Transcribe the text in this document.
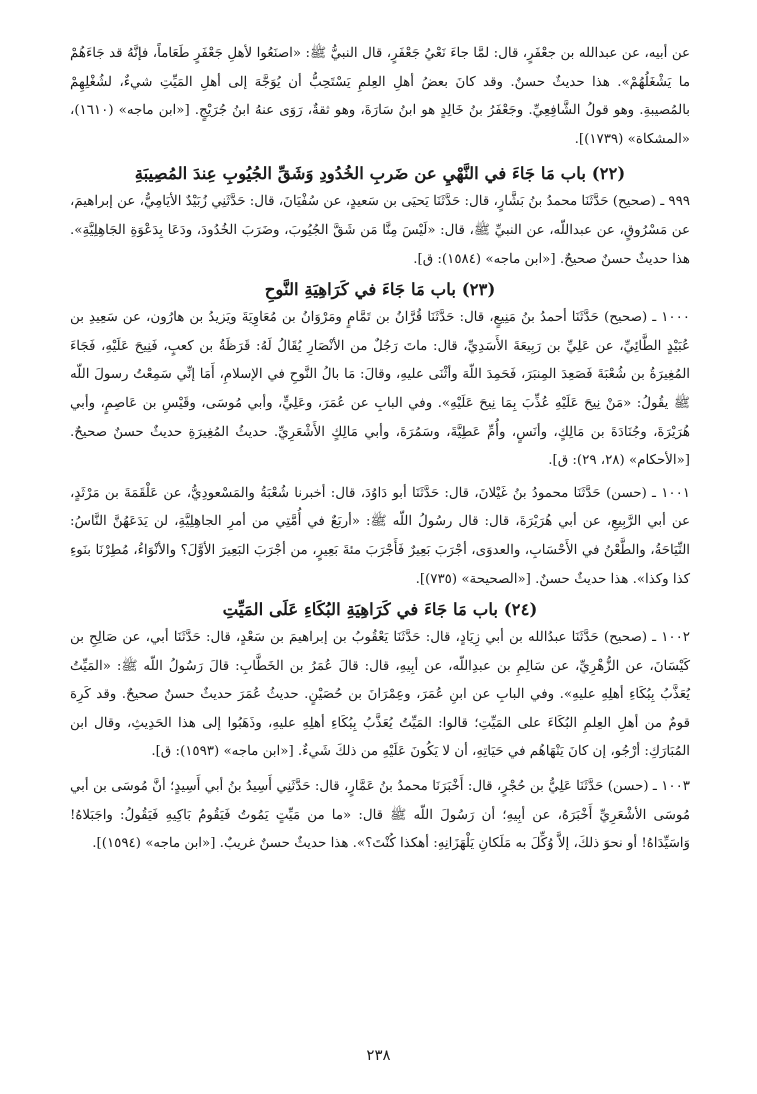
عن أبيه، عن عبدالله بن جعْفَرٍ، قال: لمَّا جاءَ نَعْيُ جَعْفَرٍ، قال النبيُّ ﷺ: «اصنَعُوا لأهلِ جَعْفَرٍ طَعَاماً، فإنَّهُ قد جَاءَهُمْ ما يَشْغَلُهُمْ». هذا حديثٌ حسنٌ. وقد كانَ بعضُ أهلِ العِلمِ يَسْتَحِبُّ أن يُوَجَّهَ إلى أهلِ المَيِّتِ شيءٌ، لشُغْلِهِمْ بالمُصيبةِ. وهو قولُ الشَّافِعِيِّ. وجَعْفَرُ بنُ خَالِدٍ هو ابنُ سَارَةَ، وهو ثقةٌ، رَوَى عنهُ ابنُ جُرَيْجٍ. [«ابن ماجه» (١٦١٠)، «المشكاة» (١٧٣٩)].

(٢٢) باب مَا جَاءَ في النَّهْيِ عن ضَربِ الخُدُودِ وَشَقِّ الجُيُوبِ عِندَ المُصِيبَةِ

٩٩٩ ـ (صحيح) حَدَّثَنَا محمدُ بنُ بَشَّارٍ، قال: حَدَّثَنَا يَحيَى بن سَعيدٍ، عن سُفْيَانَ، قال: حَدَّثَنِي زُبَيْدٌ الأيَامِيُّ، عن إبراهيمَ، عن مَسْرُوقٍ، عن عبداللّه، عن النبيِّ ﷺ، قال: «لَيْسَ مِنَّا مَن شَقَّ الجُيُوبَ، وضَرَبَ الخُدُودَ، ودَعَا بِدَعْوَةِ الجَاهِلِيَّةِ». هذا حديثٌ حسنٌ صحيحٌ. [«ابن ماجه» (١٥٨٤): ق].

(٢٣) باب مَا جَاءَ في كَرَاهِيَةِ النَّوحِ

١٠٠٠ ـ (صحيح) حَدَّثَنَا أحمدُ بنُ مَنِيعٍ، قال: حَدَّثَنَا قُرَّانُ بن تَمَّامٍ ومَرْوَانُ بن مُعَاوِيَةَ ويَزيدُ بن هارُون، عن سَعِيدِ بن عُبَيْدٍ الطَّائِيِّ، عن عَلِيِّ بن رَبِيعَةَ الأَسَدِيِّ، قال: ماتَ رَجُلٌ من الأنْصَارِ يُقَالُ لَهُ: قَرَظَةُ بن كعبٍ، فَنِيحَ عَلَيْهِ، فَجَاءَ المُغِيرَةُ بن شُعْبَةَ فَصَعِدَ المِنبَرَ، فَحَمِدَ اللّهَ وأثْنَى عليهِ، وقالَ: مَا بالُ النَّوحِ في الإسلامِ، أَمَا إنِّي سَمِعْتُ رسولَ اللّه ﷺ يقُولُ: «مَنْ نِيحَ عَلَيْهِ عُذِّبَ بِمَا نِيحَ عَلَيْهِ». وفي البابِ عن عُمَرَ، وعَلِيٍّ، وأبي مُوسَى، وقَيْسِ بن عَاصِمٍ، وأبي هُرَيْرَةَ، وجُنَادَةَ بن مَالِكٍ، وأنَسٍ، وأُمِّ عَطِيَّةَ، وسَمُرَةَ، وأبي مَالِكٍ الأَشْعَرِيِّ. حديثُ المُغِيرَةِ حديثٌ حسنٌ صحيحٌ. [«الأحكام» (٢٨، ٢٩): ق].

١٠٠١ ـ (حسن) حَدَّثَنَا محمودُ بنُ غَيْلانَ، قال: حَدَّثَنَا أبو دَاوُدَ، قال: أخبرنا شُعْبَةُ والمَسْعودِيُّ، عن عَلْقَمَةَ بن مَرْثَدٍ، عن أبي الرَّبِيعِ، عن أبي هُرَيْرَةَ، قال: قال رسُولُ اللّه ﷺ: «أربَعٌ في أُمَّتِي من أمرِ الجاهِلِيَّةِ، لن يَدَعَهُنَّ النَّاسُ: النِّيَاحَةُ، والطَّعْنُ في الأَحْسَابِ، والعدوَى، أجْرَبَ بَعِيرٌ فَأَجْرَبَ مئةَ بَعِيرٍ، من أجْرَبَ البَعِيرَ الأوَّلَ؟ والأنْوَاءُ، مُطِرْنَا بنَوءِ كذا وكذا». هذا حديثٌ حسنٌ. [«الصحيحة» (٧٣٥)].

(٢٤) باب مَا جَاءَ في كَرَاهِيَةِ البُكَاءِ عَلَى المَيِّتِ

١٠٠٢ ـ (صحيح) حَدَّثَنَا عبدُالله بن أبي زِيَادٍ، قال: حَدَّثَنَا يَعْقُوبُ بن إبراهيمَ بن سَعْدٍ، قال: حَدَّثَنَا أبي، عن صَالِحِ بن كَيْسَانَ، عن الزُّهْرِيِّ، عن سَالِمِ بن عبدِاللّه، عن أبِيهِ، قال: قالَ عُمَرُ بن الخَطَّابِ: قالَ رَسُولُ اللّه ﷺ: «المَيِّتُ يُعَذَّبُ بِبُكَاءِ أهلِهِ عليهِ». وفي البابِ عن ابنِ عُمَرَ، وعِمْرَانَ بن حُصَيْنٍ. حديثُ عُمَرَ حديثٌ حسنٌ صحيحٌ. وقد كَرِهَ قومٌ من أهلِ العِلمِ البُكَاءَ على المَيِّتِ؛ قالوا: المَيِّتُ يُعَذَّبُ بِبُكَاءِ أهلِهِ عليهِ، وذَهَبُوا إلى هذا الحَدِيثِ، وقال ابن المُبَارَكِ: أرْجُو، إن كانَ يَنْهَاهُم في حَيَاتِهِ، أن لا يَكُونَ عَلَيْهِ من ذلكَ شَيءٌ. [«ابن ماجه» (١٥٩٣): ق].

١٠٠٣ ـ (حسن) حَدَّثَنَا عَلِيُّ بن حُجْرٍ، قال: أَخْبَرَنَا محمدُ بنُ عَمَّارٍ، قال: حَدَّثَنِي أَسِيدُ بنُ أبي أَسِيدٍ؛ أنَّ مُوسَى بن أبي مُوسَى الأشْعَرِيِّ أَخْبَرَهُ، عن أبِيهِ؛ أن رَسُولَ اللّه ﷺ قال: «ما من مَيِّتٍ يَمُوتُ فَيَقُومُ بَاكِيهِ فَيَقُولُ: واجَبَلاهُ! وَاسَيِّدَاهُ! أو نحوَ ذلكَ، إلاَّ وُكِّلَ به مَلَكانِ يَلْهَزَانِهِ: أهكذا كُنْتَ؟». هذا حديثٌ حسنٌ غريبٌ. [«ابن ماجه» (١٥٩٤)].

٢٣٨
